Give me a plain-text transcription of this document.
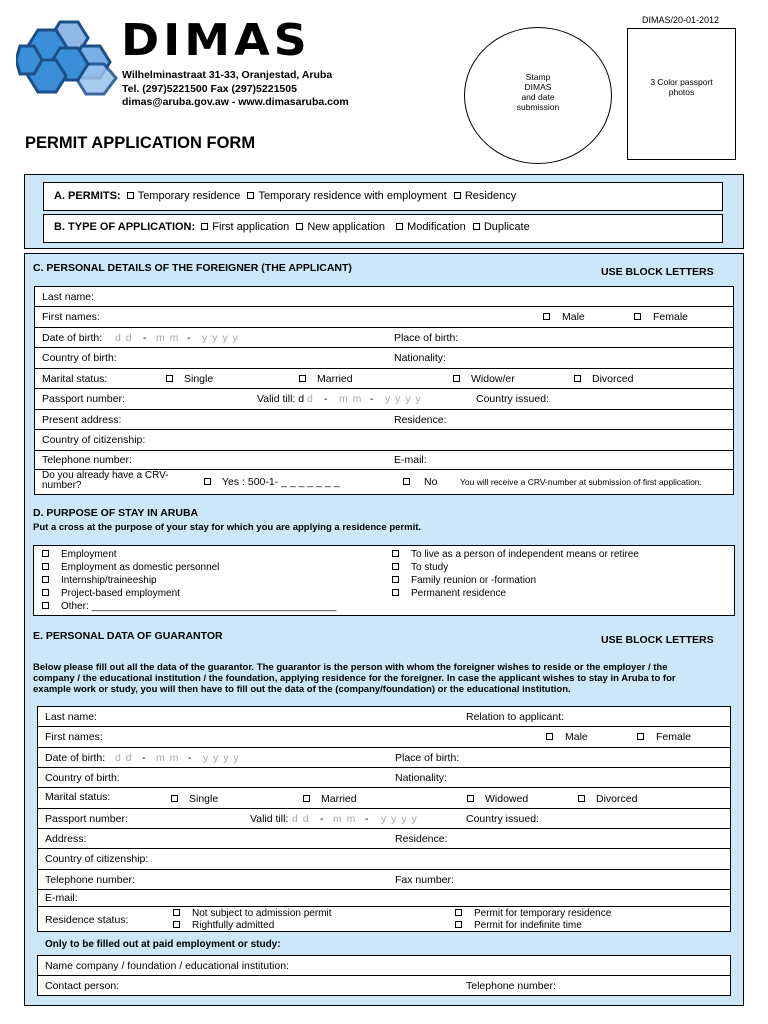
DIMAS/20-01-2012
DIMAS
Wilhelminastraat 31-33, Oranjestad, Aruba
Tel. (297)5221500 Fax (297)5221505
dimas@aruba.gov.aw - www.dimasaruba.com
Stamp
DIMAS
and date
submission
3 Color passport
photos
PERMIT APPLICATION FORM
A. PERMITS: Temporary residence Temporary residence with employment Residency
B. TYPE OF APPLICATION: First application New application Modification Duplicate
C. PERSONAL DETAILS OF THE FOREIGNER (THE APPLICANT)	USE BLOCK LETTERS
Last name:
First names:	Male	Female
Date of birth: d d - m m - y y y y	Place of birth:
Country of birth:	Nationality:
Marital status:	Single	Married	Widow/er	Divorced
Passport number:	Valid till: d d - m m - y y y y	Country issued:
Present address:	Residence:
Country of citizenship:
Telephone number:	E-mail:
Do you already have a CRV-
number?	Yes : 500-1- _ _ _ _ _ _ _	No	You will receive a CRV-number at submission of first application.
D. PURPOSE OF STAY IN ARUBA
Put a cross at the purpose of your stay for which you are applying a residence permit.
Employment
Employment as domestic personnel
Internship/traineeship
Project-based employment
Other: ____________________________________________
To live as a person of independent means or retiree
To study
Family reunion or -formation
Permanent residence
E. PERSONAL DATA OF GUARANTOR	USE BLOCK LETTERS
Below please fill out all the data of the guarantor. The guarantor is the person with whom the foreigner wishes to reside or the employer / the
company / the educational institution / the foundation, applying residence for the foreigner. In case the applicant wishes to stay in Aruba to for
example work or study, you will then have to fill out the data of the (company/foundation) or the educational institution.
Last name:	Relation to applicant:
First names:	Male	Female
Date of birth: d d - m m - y y y y	Place of birth:
Country of birth:	Nationality:
Marital status:	Single	Married	Widowed	Divorced
Passport number:	Valid till: d d - m m - y y y y	Country issued:
Address:	Residence:
Country of citizenship:
Telephone number:	Fax number:
E-mail:
Residence status:
Not subject to admission permit
Rightfully admitted
Permit for temporary residence
Permit for indefinite time
Only to be filled out at paid employment or study:
Name company / foundation / educational institution:
Contact person:	Telephone number:
